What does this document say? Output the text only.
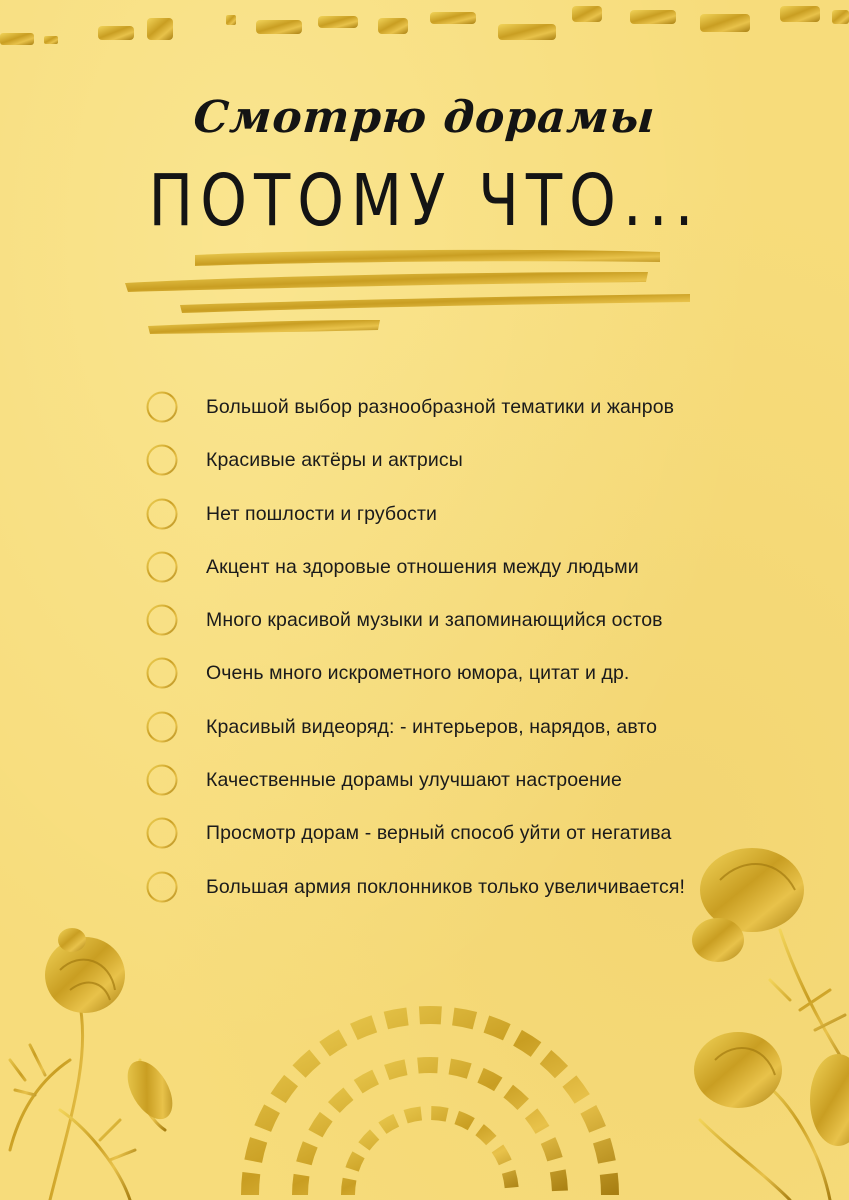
Смотрю дорамы
ПОТОМУ ЧТО...
Большой выбор разнообразной тематики и жанров
Красивые актёры и актрисы
Нет пошлости и грубости
Акцент на здоровые отношения между людьми
Много красивой музыки и запоминающийся остов
Очень много искрометного юмора, цитат и др.
Красивый видеоряд: - интерьеров, нарядов, авто
Качественные дорамы улучшают настроение
Просмотр дорам - верный способ уйти от негатива
Большая армия поклонников только увеличивается!
